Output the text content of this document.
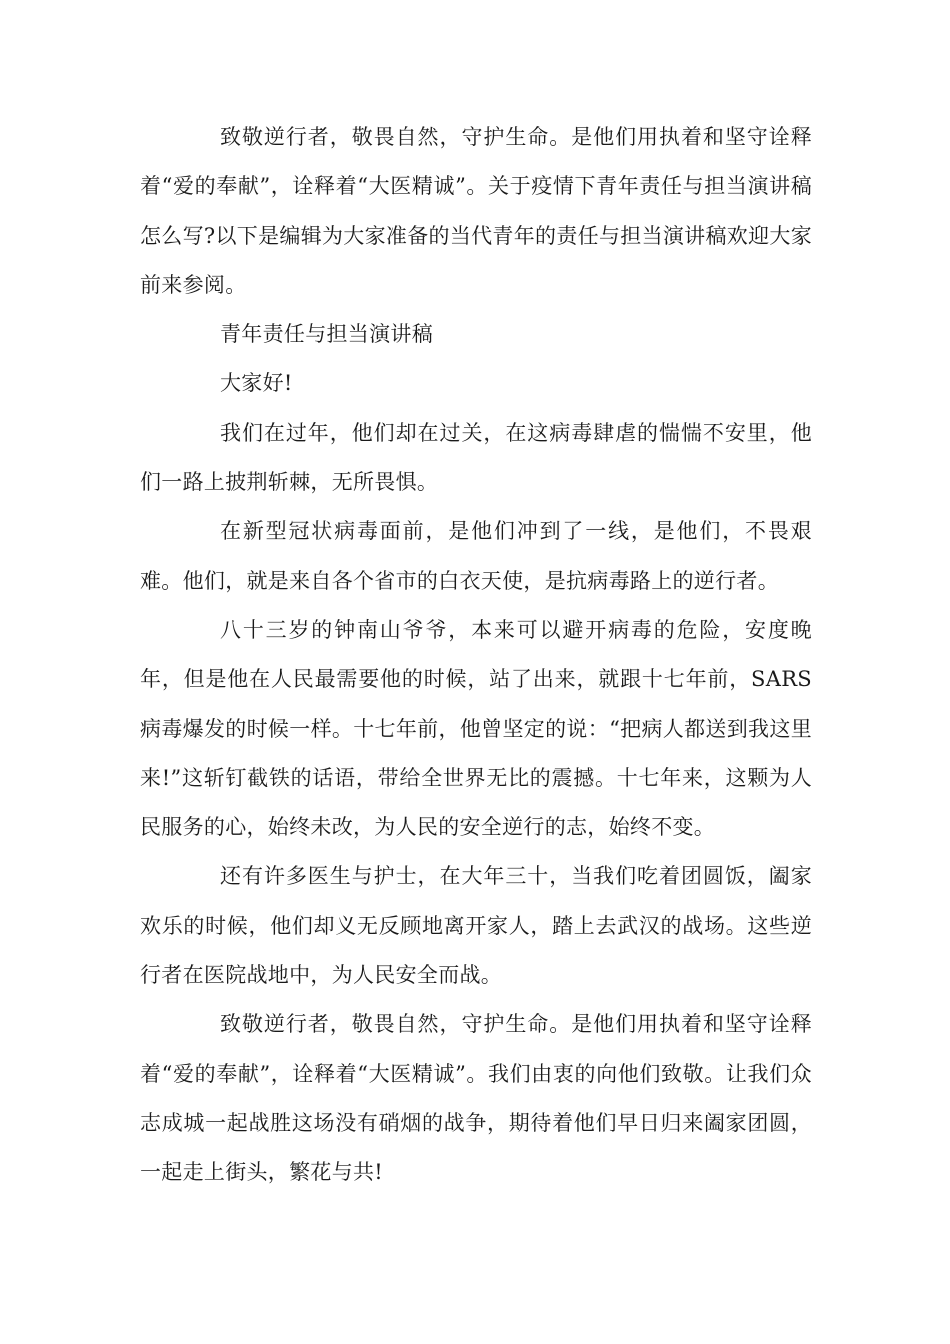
致敬逆行者，敬畏自然，守护生命。是他们用执着和坚守诠释着“爱的奉献”，诠释着“大医精诚”。关于疫情下青年责任与担当演讲稿怎么写?以下是编辑为大家准备的当代青年的责任与担当演讲稿欢迎大家前来参阅。

青年责任与担当演讲稿

大家好!

我们在过年，他们却在过关，在这病毒肆虐的惴惴不安里，他们一路上披荆斩棘，无所畏惧。

在新型冠状病毒面前，是他们冲到了一线，是他们，不畏艰难。他们，就是来自各个省市的白衣天使，是抗病毒路上的逆行者。

八十三岁的钟南山爷爷，本来可以避开病毒的危险，安度晚年，但是他在人民最需要他的时候，站了出来，就跟十七年前，SARS病毒爆发的时候一样。十七年前，他曾坚定的说：“把病人都送到我这里来!”这斩钉截铁的话语，带给全世界无比的震撼。十七年来，这颗为人民服务的心，始终未改，为人民的安全逆行的志，始终不变。

还有许多医生与护士，在大年三十，当我们吃着团圆饭，阖家欢乐的时候，他们却义无反顾地离开家人，踏上去武汉的战场。这些逆行者在医院战地中，为人民安全而战。

致敬逆行者，敬畏自然，守护生命。是他们用执着和坚守诠释着“爱的奉献”，诠释着“大医精诚”。我们由衷的向他们致敬。让我们众志成城一起战胜这场没有硝烟的战争，期待着他们早日归来阖家团圆，一起走上街头，繁花与共!
